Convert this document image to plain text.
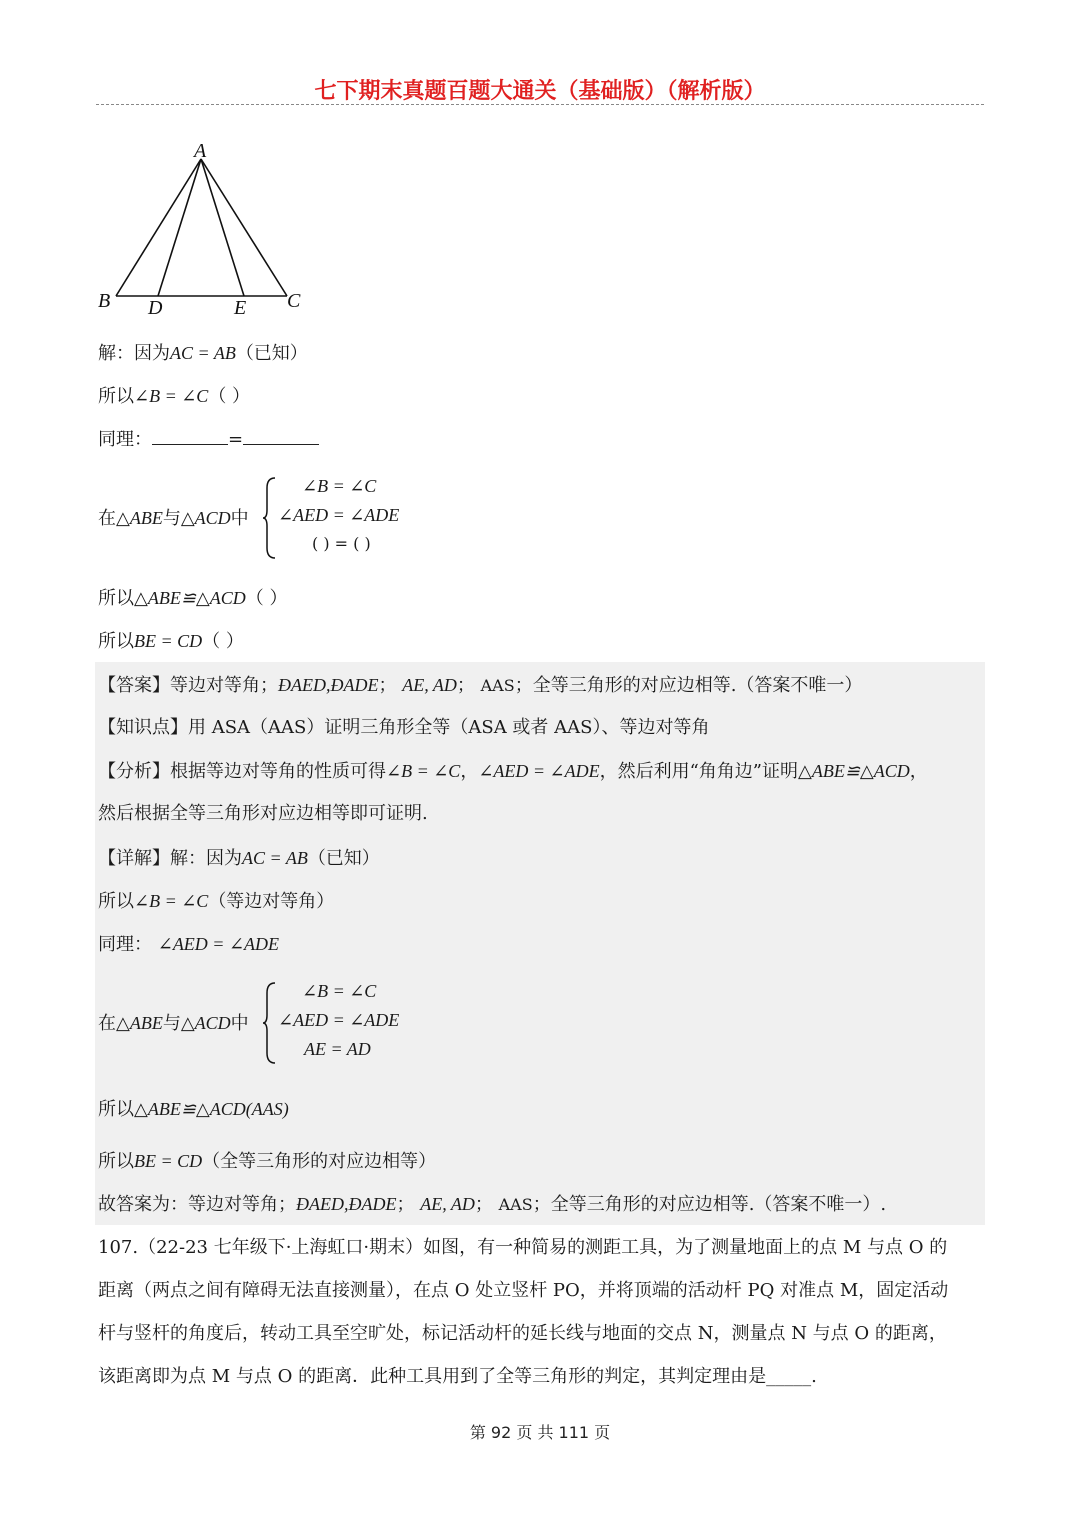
七下期末真题百题大通关（基础版）（解析版）
A
B	C
D	E
解：因为AC = AB（已知）
所以∠B = ∠C（ ）
同理：	=
在△ABE与△ACD中
∠B = ∠C
∠AED = ∠ADE
( ) = ( )
所以△ABE≌△ACD（ ）
所以BE = CD（ ）
【答案】等边对等角；ÐAED,ÐADE； AE, AD； AAS；全等三角形的对应边相等.（答案不唯一）
【知识点】用 ASA（AAS）证明三角形全等（ASA 或者 AAS）、等边对等角
【分析】根据等边对等角的性质可得∠B = ∠C，∠AED = ∠ADE，然后利用“角角边”证明△ABE≌△ACD，
然后根据全等三角形对应边相等即可证明.
【详解】解：因为AC = AB（已知）
所以∠B = ∠C（等边对等角）
同理： ∠AED = ∠ADE
在△ABE与△ACD中
∠B = ∠C
∠AED = ∠ADE
AE = AD
所以△ABE≌△ACD(AAS)
所以BE = CD（全等三角形的对应边相等）
故答案为：等边对等角；ÐAED,ÐADE； AE, AD； AAS；全等三角形的对应边相等.（答案不唯一）.
107.（22-23 七年级下·上海虹口·期末）如图，有一种简易的测距工具，为了测量地面上的点 M 与点 O 的
距离（两点之间有障碍无法直接测量），在点 O 处立竖杆 PO，并将顶端的活动杆 PQ 对准点 M，固定活动
杆与竖杆的角度后，转动工具至空旷处，标记活动杆的延长线与地面的交点 N，测量点 N 与点 O 的距离，
该距离即为点 M 与点 O 的距离．此种工具用到了全等三角形的判定，其判定理由是_____.
第 92 页 共 111 页
